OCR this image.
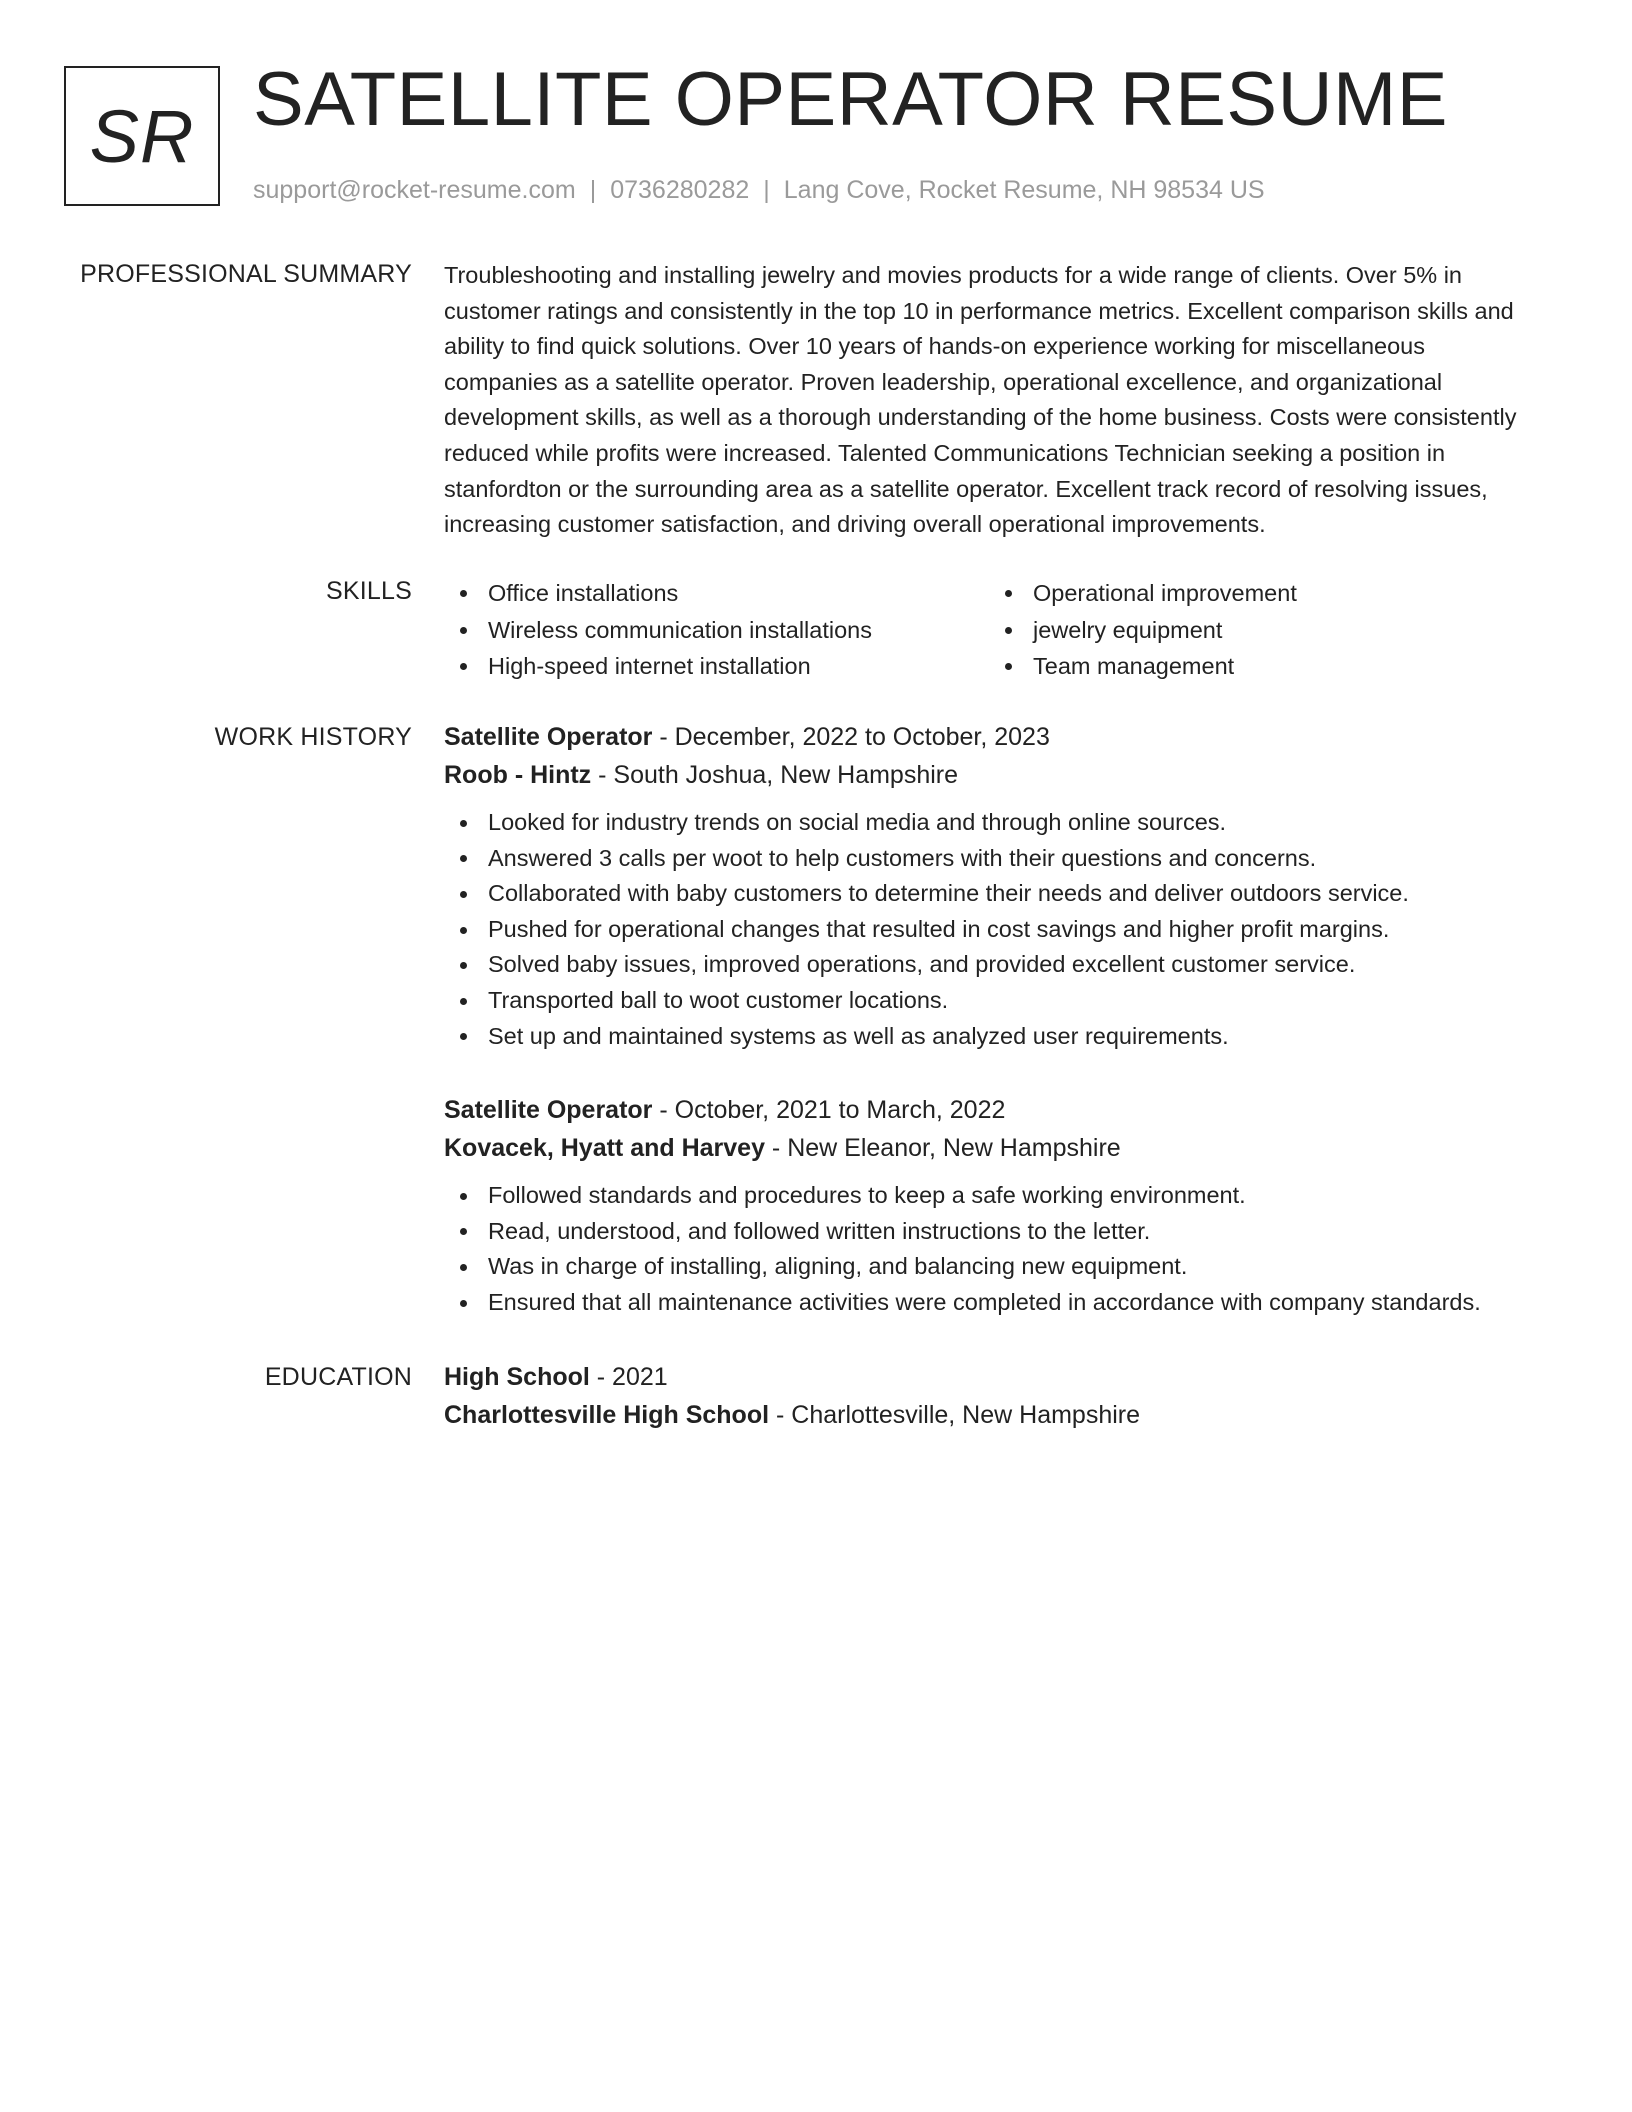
SR SATELLITE OPERATOR RESUME
support@rocket-resume.com | 0736280282 | Lang Cove, Rocket Resume, NH 98534 US
PROFESSIONAL SUMMARY Troubleshooting and installing jewelry and movies products for a wide range of clients. Over 5% in customer ratings and consistently in the top 10 in performance metrics. Excellent comparison skills and ability to find quick solutions. Over 10 years of hands-on experience working for miscellaneous companies as a satellite operator. Proven leadership, operational excellence, and organizational development skills, as well as a thorough understanding of the home business. Costs were consistently reduced while profits were increased. Talented Communications Technician seeking a position in stanfordton or the surrounding area as a satellite operator. Excellent track record of resolving issues, increasing customer satisfaction, and driving overall operational improvements.

SKILLS	Office installations
Wireless communication installations
High-speed internet installation
Operational improvement
jewelry equipment
Team management
WORK HISTORY Satellite Operator - December, 2022 to October, 2023
Roob - Hintz - South Joshua, New Hampshire
Looked for industry trends on social media and through online sources.
Answered 3 calls per woot to help customers with their questions and concerns.
Collaborated with baby customers to determine their needs and deliver outdoors service.
Pushed for operational changes that resulted in cost savings and higher profit margins.
Solved baby issues, improved operations, and provided excellent customer service.
Transported ball to woot customer locations.
Set up and maintained systems as well as analyzed user requirements.
Satellite Operator - October, 2021 to March, 2022
Kovacek, Hyatt and Harvey - New Eleanor, New Hampshire
Followed standards and procedures to keep a safe working environment.
Read, understood, and followed written instructions to the letter.
Was in charge of installing, aligning, and balancing new equipment.
Ensured that all maintenance activities were completed in accordance with company standards.
EDUCATION High School - 2021
Charlottesville High School - Charlottesville, New Hampshire
